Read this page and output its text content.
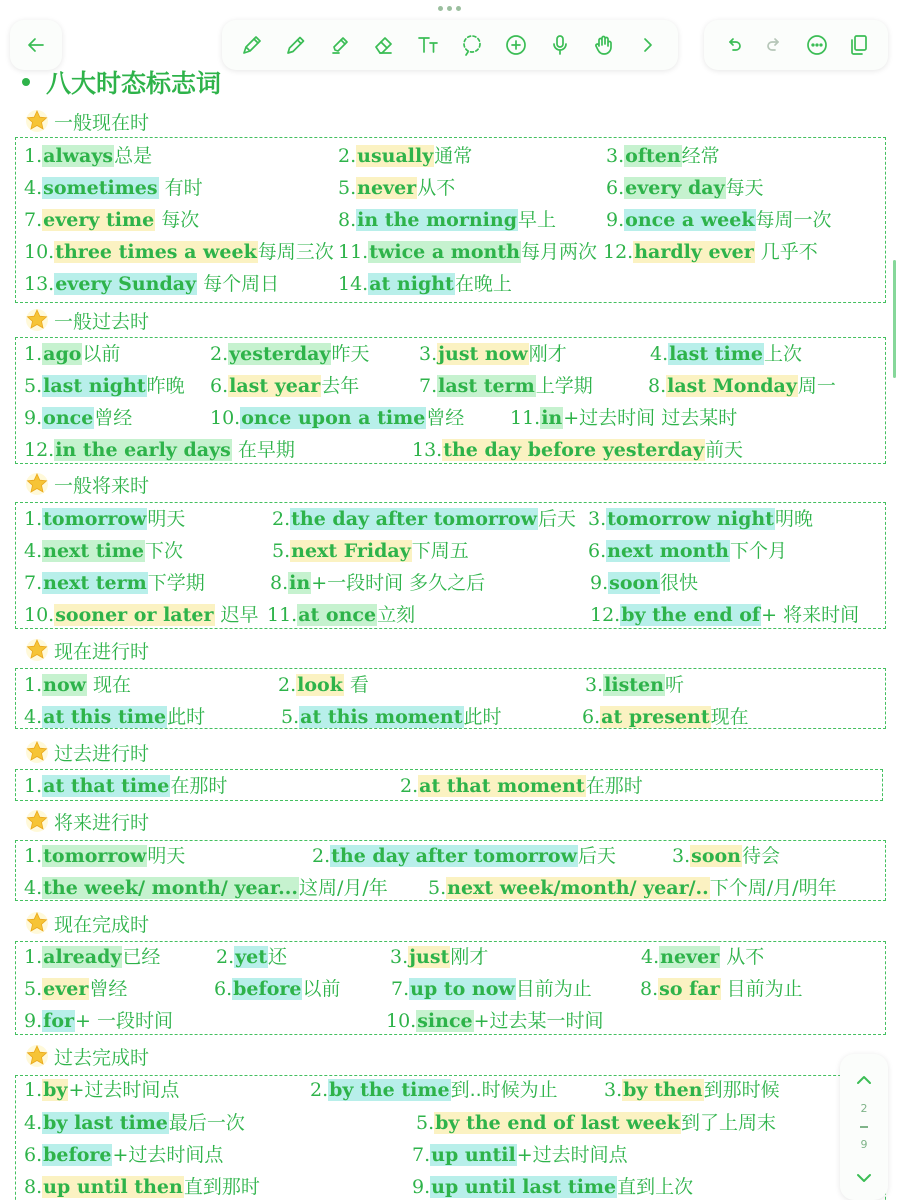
八大时态标志词
一般现在时
1.always总是	2.usually通常	3.often经常
4.sometimes 有时	5.never从不	6.every day每天
7.every time 每次	8.in the morning早上	9.once a week每周一次
10.three times a week每周三次 11.twice a month每月两次 12.hardly ever 几乎不
13.every Sunday 每个周日	14.at night在晚上
一般过去时
1.ago以前	2.yesterday昨天	3.just now刚才	4.last time上次
5.last night昨晚 6.last year去年	7.last term上学期	8.last Monday周一
9.once曾经	10.once upon a time曾经 11.in+过去时间 过去某时
12.in the early days 在早期	13.the day before yesterday前天
一般将来时
1.tomorrow明天	2.the day after tomorrow后天 3.tomorrow night明晚
4.next time下次	5.next Friday下周五	6.next month下个月
7.next term下学期	8.in+一段时间 多久之后	9.soon很快
10.sooner or later 迟早 11.at once立刻	12.by the end of+ 将来时间
现在进行时
1.now 现在	2.look 看	3.listen听
4.at this time此时	5.at this moment此时	6.at present现在
过去进行时
1.at that time在那时	2.at that moment在那时
将来进行时
1.tomorrow明天	2.the day after tomorrow后天	3.soon待会
4.the week/ month/ year...这周/月/年 5.next week/month/ year/..下个周/月/明年
现在完成时
1.already已经	2.yet还	3.just刚才	4.never 从不
5.ever曾经	6.before以前	7.up to now目前为止	8.so far 目前为止
9.for+ 一段时间	10.since+过去某一时间
过去完成时
1.by+过去时间点	2.by the time到..时候为止 3.by then到那时候
4.by last time最后一次	5.by the end of last week到了上周末
6.before+过去时间点	7.up until+过去时间点
8.up until then直到那时	9.up until last time直到上次
2
9
